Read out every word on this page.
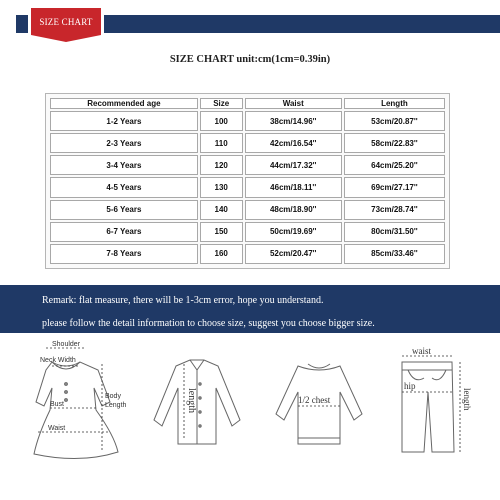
SIZE CHART
SIZE CHART unit:cm(1cm=0.39in)
Recommended age	Size	Waist	Length
1-2 Years	100	38cm/14.96''	53cm/20.87''
2-3 Years	110	42cm/16.54''	58cm/22.83''
3-4 Years	120	44cm/17.32''	64cm/25.20''
4-5 Years	130	46cm/18.11''	69cm/27.17''
5-6 Years	140	48cm/18.90''	73cm/28.74''
6-7 Years	150	50cm/19.69''	80cm/31.50''
7-8 Years	160	52cm/20.47''	85cm/33.46''
Remark: flat measure, there will be 1-3cm error, hope you understand.
please follow the detail information to choose size, suggest you choose bigger size.
Shoulder
Neck Width
Bust
Waist
Body
Length	length	1/2 chest
waist
hip
length
